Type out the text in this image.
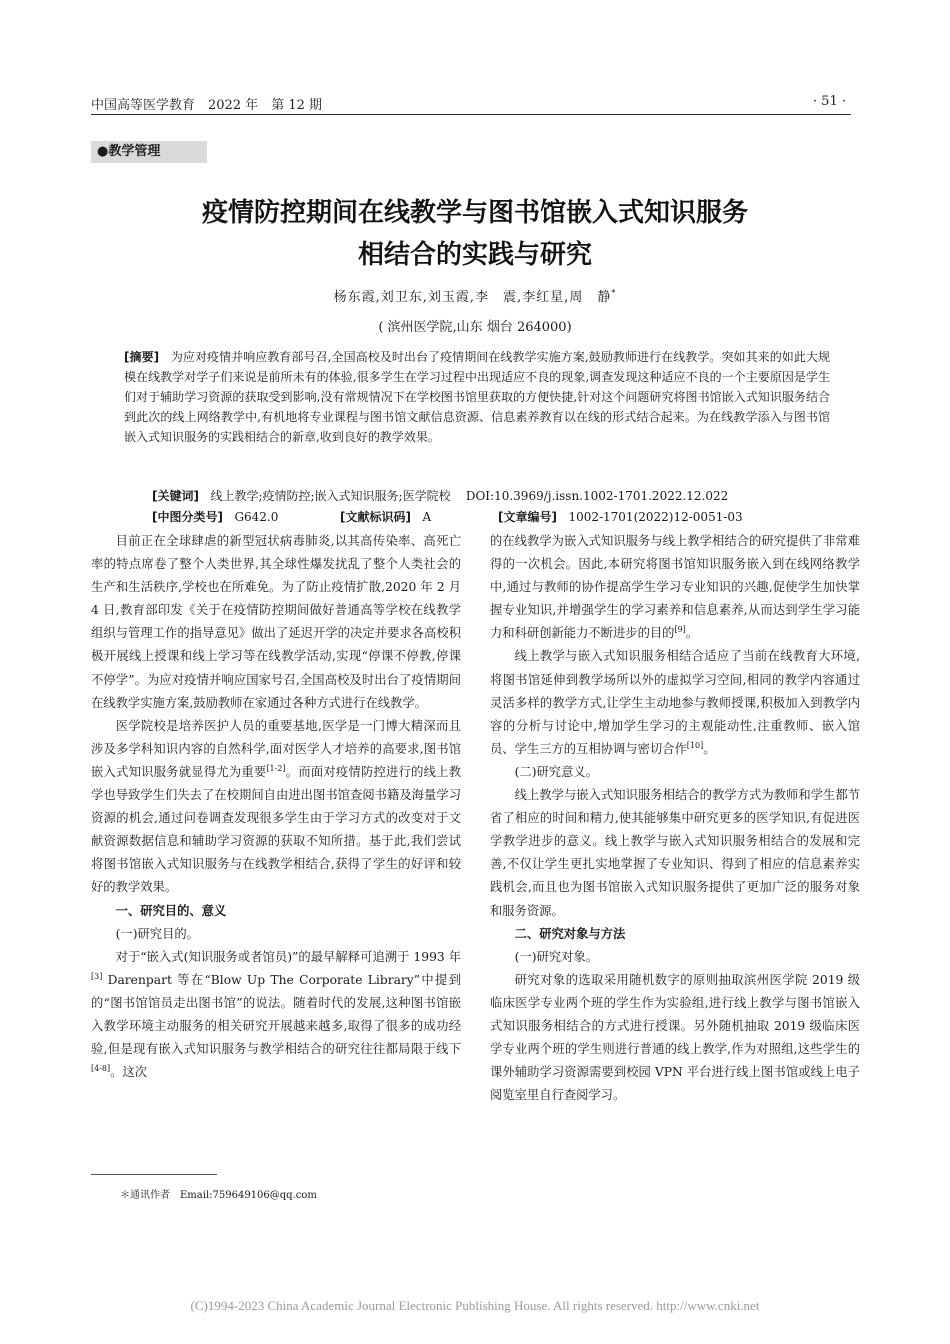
中国高等医学教育　2022 年　第 12 期	· 51 ·
●教学管理
疫情防控期间在线教学与图书馆嵌入式知识服务
相结合的实践与研究
杨东霞,刘卫东,刘玉霞,李　震,李红星,周　静*
( 滨州医学院,山东 烟台 264000)
[摘要] 为应对疫情并响应教育部号召,全国高校及时出台了疫情期间在线教学实施方案,鼓励教师进行在线教学。突如其来的如此大规模在线教学对学子们来说是前所未有的体验,很多学生在学习过程中出现适应不良的现象,调查发现这种适应不良的一个主要原因是学生们对于辅助学习资源的获取受到影响,没有常规情况下在学校图书馆里获取的方便快捷,针对这个问题研究将图书馆嵌入式知识服务结合到此次的线上网络教学中,有机地将专业课程与图书馆文献信息资源、信息素养教育以在线的形式结合起来。为在线教学添入与图书馆嵌入式知识服务的实践相结合的新章,收到良好的教学效果。
[关键词] 线上教学;疫情防控;嵌入式知识服务;医学院校 DOI:10.3969/j.issn.1002-1701.2022.12.022
[中图分类号] G642.0	[文献标识码] A	[文章编号] 1002-1701(2022)12-0051-03

目前正在全球肆虐的新型冠状病毒肺炎,以其高传染率、高死亡率的特点席卷了整个人类世界,其全球性爆发扰乱了整个人类社会的生产和生活秩序,学校也在所难免。为了防止疫情扩散,2020 年 2 月 4 日,教育部印发《关于在疫情防控期间做好普通高等学校在线教学组织与管理工作的指导意见》做出了延迟开学的决定并要求各高校积极开展线上授课和线上学习等在线教学活动,实现“停课不停教,停课不停学”。为应对疫情并响应国家号召,全国高校及时出台了疫情期间在线教学实施方案,鼓励教师在家通过各种方式进行在线教学。

医学院校是培养医护人员的重要基地,医学是一门博大精深而且涉及多学科知识内容的自然科学,面对医学人才培养的高要求,图书馆嵌入式知识服务就显得尤为重要[1-2]。而面对疫情防控进行的线上教学也导致学生们失去了在校期间自由进出图书馆查阅书籍及海量学习资源的机会,通过问卷调查发现很多学生由于学习方式的改变对于文献资源数据信息和辅助学习资源的获取不知所措。基于此,我们尝试将图书馆嵌入式知识服务与在线教学相结合,获得了学生的好评和较好的教学效果。

一、研究目的、意义

(一)研究目的。

对于“嵌入式(知识服务或者馆员)”的最早解释可追溯于 1993 年[3] Darenpart 等在“Blow Up The Corporate Library”中提到的“图书馆馆员走出图书馆”的说法。随着时代的发展,这种图书馆嵌入教学环境主动服务的相关研究开展越来越多,取得了很多的成功经验,但是现有嵌入式知识服务与教学相结合的研究往往都局限于线下[4-8]。这次

的在线教学为嵌入式知识服务与线上教学相结合的研究提供了非常难得的一次机会。因此,本研究将图书馆知识服务嵌入到在线网络教学中,通过与教师的协作提高学生学习专业知识的兴趣,促使学生加快掌握专业知识,并增强学生的学习素养和信息素养,从而达到学生学习能力和科研创新能力不断进步的目的[9]。

线上教学与嵌入式知识服务相结合适应了当前在线教育大环境,将图书馆延伸到教学场所以外的虚拟学习空间,相同的教学内容通过灵活多样的教学方式,让学生主动地参与教师授课,积极加入到教学内容的分析与讨论中,增加学生学习的主观能动性,注重教师、嵌入馆员、学生三方的互相协调与密切合作[10]。

(二)研究意义。

线上教学与嵌入式知识服务相结合的教学方式为教师和学生都节省了相应的时间和精力,使其能够集中研究更多的医学知识,有促进医学教学进步的意义。线上教学与嵌入式知识服务相结合的发展和完善,不仅让学生更扎实地掌握了专业知识、得到了相应的信息素养实践机会,而且也为图书馆嵌入式知识服务提供了更加广泛的服务对象和服务资源。

二、研究对象与方法

(一)研究对象。

研究对象的选取采用随机数字的原则抽取滨州医学院 2019 级临床医学专业两个班的学生作为实验组,进行线上教学与图书馆嵌入式知识服务相结合的方式进行授课。另外随机抽取 2019 级临床医学专业两个班的学生则进行普通的线上教学,作为对照组,这些学生的课外辅助学习资源需要到校园 VPN 平台进行线上图书馆或线上电子阅览室里自行查阅学习。

＊通讯作者　Email:759649106@qq.com
(C)1994-2023 China Academic Journal Electronic Publishing House. All rights reserved. http://www.cnki.net
